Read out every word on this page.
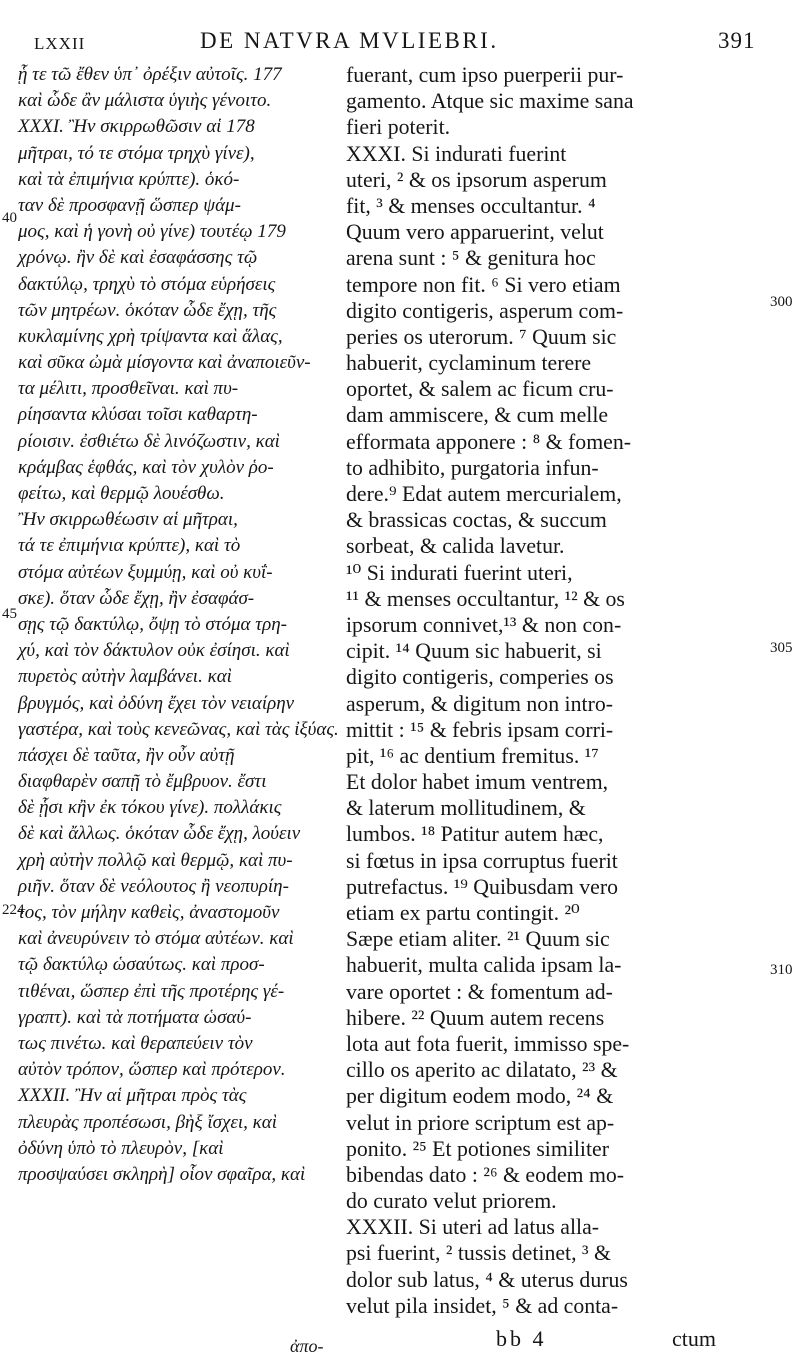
LXXII	DE NATVRA MVLIEBRI.	391
ᾗ τε τῶ ἔθεν ὑπ᾽ ὀρέξιν αὐτοῖς. 177
καὶ ὧδε ἂν μάλιστα ὑγιὴς γένοιτο.
XXXI. Ἢν σκιρρωθῶσιν αἱ 178
μῆτραι, τό τε στόμα τρηχὺ γίνε),
καὶ τὰ ἐπιμήνια κρύπτε). ὁκό-
ταν δὲ προσφανῇ ὥσπερ ψάμ-
μος, καὶ ἡ γονὴ οὐ γίνε) τουτέῳ 179
χρόνῳ. ἢν δὲ καὶ ἐσαφάσσης τῷ
δακτύλῳ, τρηχὺ τὸ στόμα εὑρήσεις
τῶν μητρέων. ὁκόταν ὧδε ἔχῃ, τῆς
κυκλαμίνης χρὴ τρίψαντα καὶ ἅλας,
καὶ σῦκα ὠμὰ μίσγοντα καὶ ἀναποιεῦν-
τα μέλιτι, προσθεῖναι. καὶ πυ-
ρίησαντα κλύσαι τοῖσι καθαρτη-
ρίοισιν. ἐσθιέτω δὲ λινόζωστιν, καὶ
κράμβας ἑφθάς, καὶ τὸν χυλὸν ῥο-
φείτω, καὶ θερμῷ λουέσθω.
Ἢν σκιρρωθέωσιν αἱ μῆτραι,
τά τε ἐπιμήνια κρύπτε), καὶ τὸ
στόμα αὐτέων ξυμμύῃ, καὶ οὐ κυΐ-
σκε). ὅταν ὧδε ἔχῃ, ἢν ἐσαφάσ-
σῃς τῷ δακτύλῳ, ὄψῃ τὸ στόμα τρη-
χύ, καὶ τὸν δάκτυλον οὐκ ἐσίησι. καὶ
πυρετὸς αὐτὴν λαμβάνει. καὶ
βρυγμός, καὶ ὀδύνη ἔχει τὸν νειαίρην
γαστέρα, καὶ τοὺς κενεῶνας, καὶ τὰς ἰξύας.
πάσχει δὲ ταῦτα, ἢν οὖν αὐτῇ
διαφθαρὲν σαπῇ τὸ ἔμβρυον. ἔστι
δὲ ᾗσι κἢν ἐκ τόκου γίνε). πολλάκις
δὲ καὶ ἄλλως. ὁκόταν ὧδε ἔχῃ, λούειν
χρὴ αὐτὴν πολλῷ καὶ θερμῷ, καὶ πυ-
ριῆν. ὅταν δὲ νεόλουτος ἢ νεοπυρίη-
τος, τὸν μήλην καθεὶς, ἀναστομοῦν
καὶ ἀνευρύνειν τὸ στόμα αὐτέων. καὶ
τῷ δακτύλῳ ὡσαύτως. καὶ προσ-
τιθέναι, ὥσπερ ἐπὶ τῆς προτέρης γέ-
γραπτ). καὶ τὰ ποτήματα ὡσαύ-
τως πινέτω. καὶ θεραπεύειν τὸν
αὐτὸν τρόπον, ὥσπερ καὶ πρότερον.
XXXII. Ἢν αἱ μῆτραι πρὸς τὰς
πλευρὰς προπέσωσι, βὴξ ἴσχει, καὶ
ὀδύνη ὑπὸ τὸ πλευρὸν, [καὶ
προσψαύσει σκληρὴ] οἷον σφαῖρα, καὶ
fuerant, cum ipso puerperii pur-
gamento. Atque sic maxime sana
fieri poterit.
XXXI. Si indurati fuerint
uteri, ² & os ipsorum asperum
fit, ³ & menses occultantur. ⁴
Quum vero apparuerint, velut
arena sunt : ⁵ & genitura hoc
tempore non fit. ⁶ Si vero etiam
digito contigeris, asperum com-
peries os uterorum. ⁷ Quum sic
habuerit, cyclaminum terere
oportet, & salem ac ficum cru-
dam ammiscere, & cum melle
efformata apponere : ⁸ & fomen-
to adhibito, purgatoria infun-
dere.⁹ Edat autem mercurialem,
& brassicas coctas, & succum
sorbeat, & calida lavetur.
¹⁰ Si indurati fuerint uteri,
¹¹ & menses occultantur, ¹² & os
ipsorum connivet,¹³ & non con-
cipit. ¹⁴ Quum sic habuerit, si
digito contigeris, comperies os
asperum, & digitum non intro-
mittit : ¹⁵ & febris ipsam corri-
pit, ¹⁶ ac dentium fremitus. ¹⁷
Et dolor habet imum ventrem,
& laterum mollitudinem, &
lumbos. ¹⁸ Patitur autem hæc,
si fœtus in ipsa corruptus fuerit
putrefactus. ¹⁹ Quibusdam vero
etiam ex partu contingit. ²⁰
Sæpe etiam aliter. ²¹ Quum sic
habuerit, multa calida ipsam la-
vare oportet : & fomentum ad-
hibere. ²² Quum autem recens
lota aut fota fuerit, immisso spe-
cillo os aperito ac dilatato, ²³ &
per digitum eodem modo, ²⁴ &
velut in priore scriptum est ap-
ponito. ²⁵ Et potiones similiter
bibendas dato : ²⁶ & eodem mo-
do curato velut priorem.
XXXII. Si uteri ad latus alla-
psi fuerint, ² tussis detinet, ³ &
dolor sub latus, ⁴ & uterus durus
velut pila insidet, ⁵ & ad conta-
40
300
45
305
224
310
bb 4	ctum
ἀπο-
